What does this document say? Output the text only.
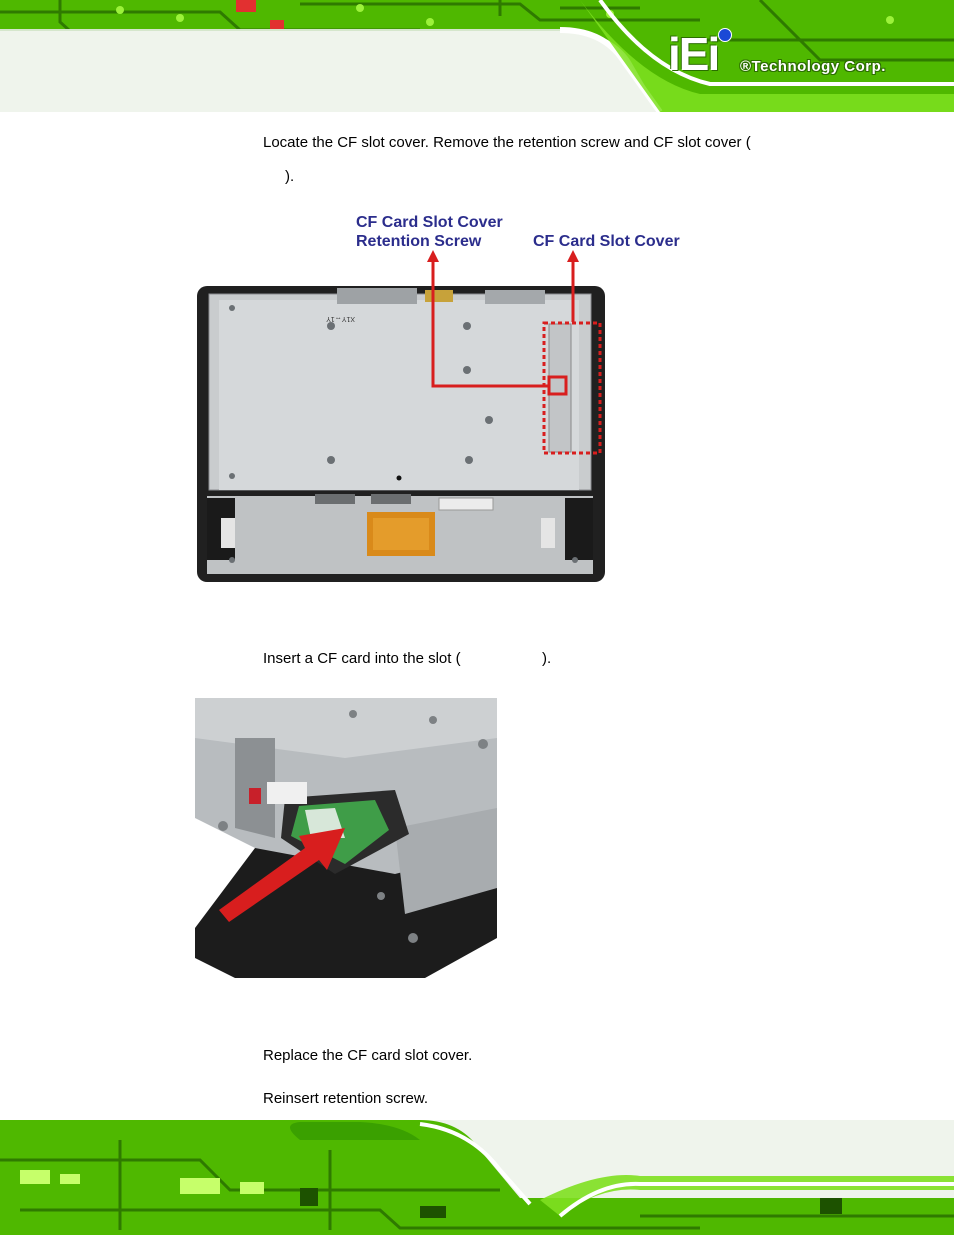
iEi ®Technology Corp.
Locate the CF slot cover. Remove the retention screw and CF slot cover (
).
CF Card Slot Cover
Retention Screw	CF Card Slot Cover
X1Y↔1Y
Insert a CF card into the slot (	).
Replace the CF card slot cover.
Reinsert retention screw.
